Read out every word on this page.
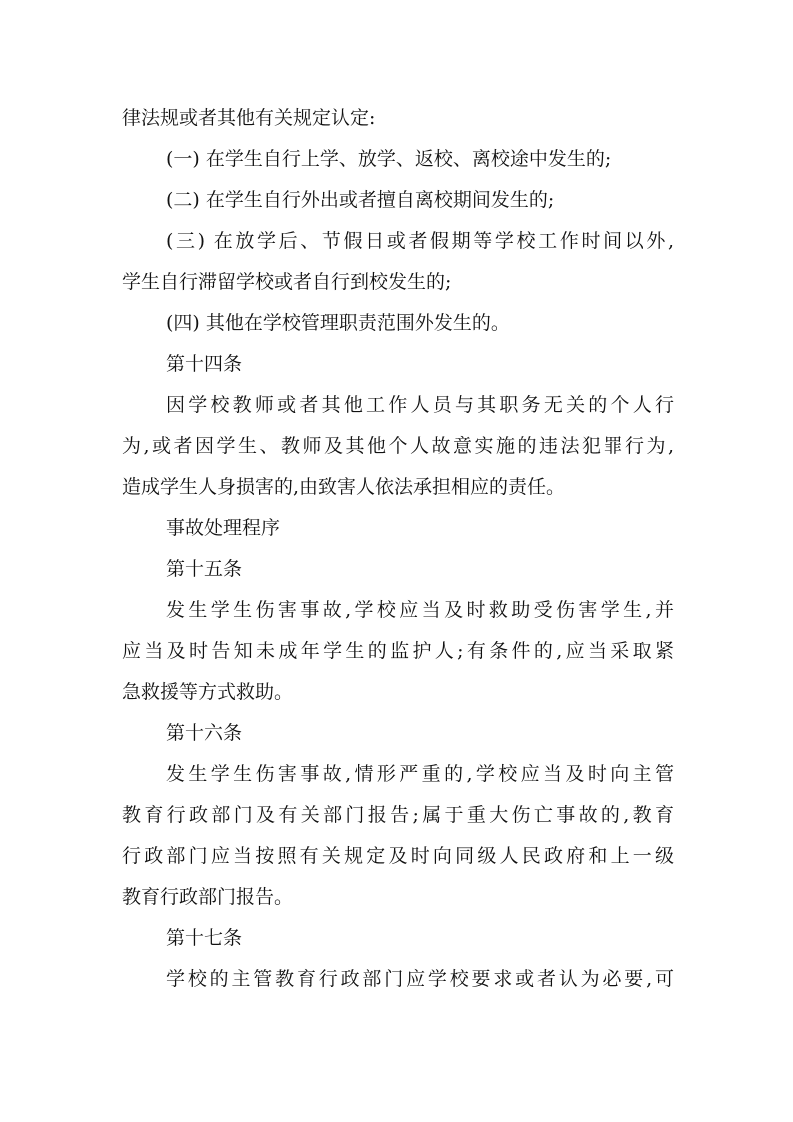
律法规或者其他有关规定认定:
(一) 在学生自行上学、放学、返校、离校途中发生的;
(二) 在学生自行外出或者擅自离校期间发生的;
(三) 在放学后、节假日或者假期等学校工作时间以外,
学生自行滞留学校或者自行到校发生的;
(四) 其他在学校管理职责范围外发生的。
第十四条
因学校教师或者其他工作人员与其职务无关的个人行
为,或者因学生、教师及其他个人故意实施的违法犯罪行为,
造成学生人身损害的,由致害人依法承担相应的责任。
事故处理程序
第十五条
发生学生伤害事故,学校应当及时救助受伤害学生,并
应当及时告知未成年学生的监护人;有条件的,应当采取紧
急救援等方式救助。
第十六条
发生学生伤害事故,情形严重的,学校应当及时向主管
教育行政部门及有关部门报告;属于重大伤亡事故的,教育
行政部门应当按照有关规定及时向同级人民政府和上一级
教育行政部门报告。
第十七条
学校的主管教育行政部门应学校要求或者认为必要,可
